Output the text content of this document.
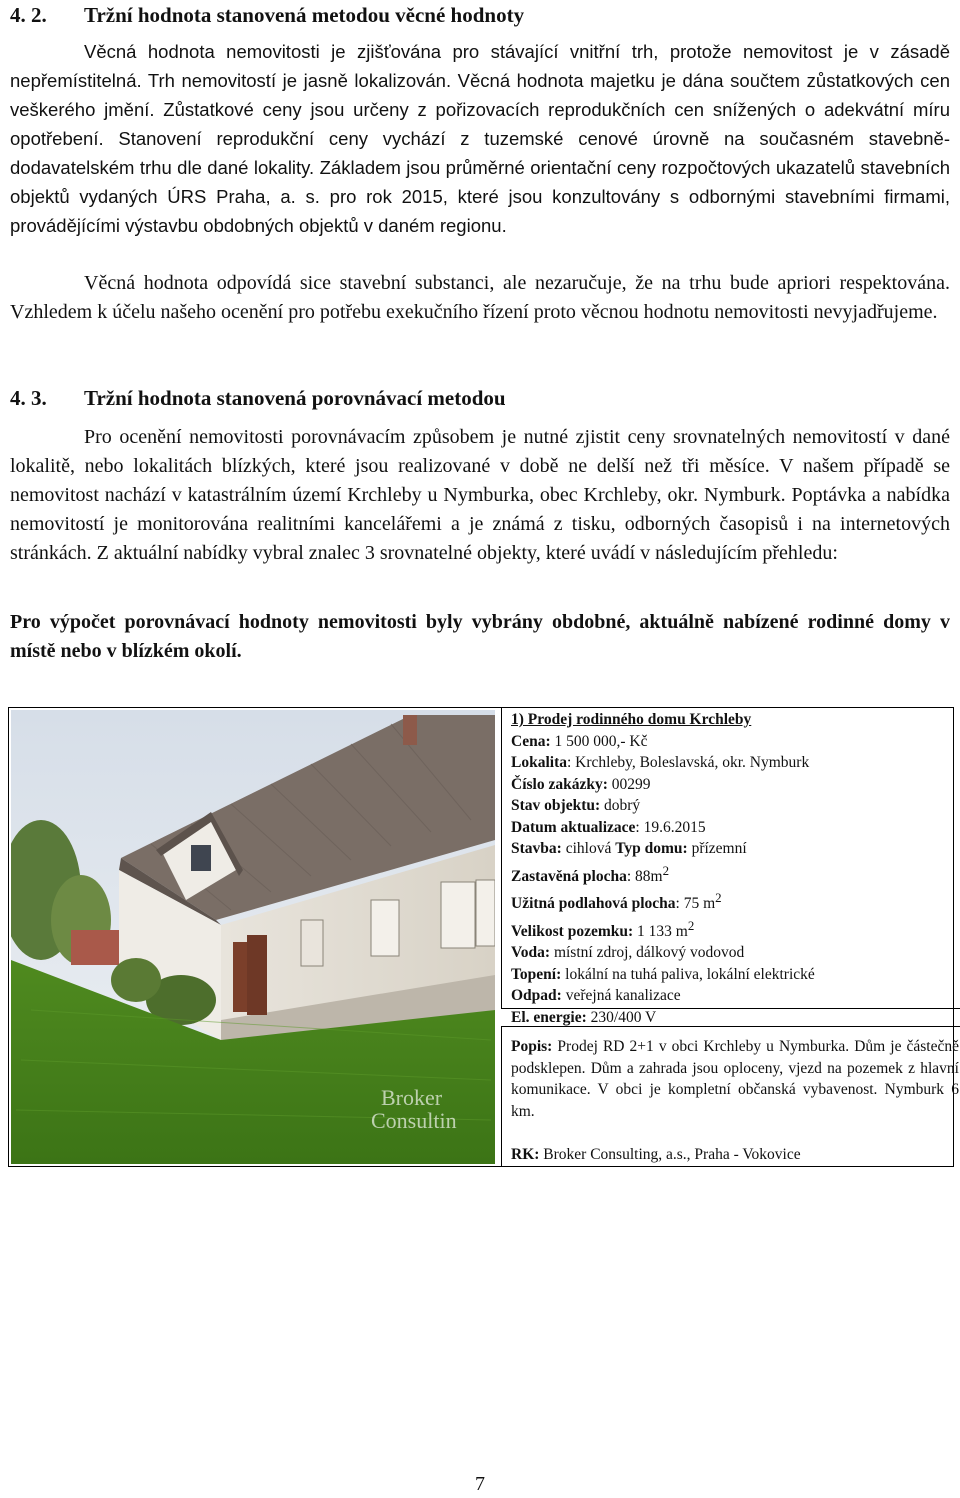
4. 2. Tržní hodnota stanovená metodou věcné hodnoty

Věcná hodnota nemovitosti je zjišťována pro stávající vnitřní trh, protože nemovitost je v zásadě nepřemístitelná. Trh nemovitostí je jasně lokalizován. Věcná hodnota majetku je dána součtem zůstatkových cen veškerého jmění. Zůstatkové ceny jsou určeny z pořizovacích reprodukčních cen snížených o adekvátní míru opotřebení. Stanovení reprodukční ceny vychází z tuzemské cenové úrovně na současném stavebně-dodavatelském trhu dle dané lokality. Základem jsou průměrné orientační ceny rozpočtových ukazatelů stavebních objektů vydaných ÚRS Praha, a. s. pro rok 2015, které jsou konzultovány s odbornými stavebními firmami, provádějícími výstavbu obdobných objektů v daném regionu.

Věcná hodnota odpovídá sice stavební substanci, ale nezaručuje, že na trhu bude apriori respektována. Vzhledem k účelu našeho ocenění pro potřebu exekučního řízení proto věcnou hodnotu nemovitosti nevyjadřujeme.

4. 3. Tržní hodnota stanovená porovnávací metodou

Pro ocenění nemovitosti porovnávacím způsobem je nutné zjistit ceny srovnatelných nemovitostí v dané lokalitě, nebo lokalitách blízkých, které jsou realizované v době ne delší než tři měsíce. V našem případě se nemovitost nachází v katastrálním území Krchleby u Nymburka, obec Krchleby, okr. Nymburk. Poptávka a nabídka nemovitostí je monitorována realitními kancelářemi a je známá z tisku, odborných časopisů i na internetových stránkách. Z aktuální nabídky vybral znalec 3 srovnatelné objekty, které uvádí v následujícím přehledu:

Pro výpočet porovnávací hodnoty nemovitosti byly vybrány obdobné, aktuálně nabízené rodinné domy v místě nebo v blízkém okolí.

Broker
Consultin
1) Prodej rodinného domu Krchleby
Cena: 1 500 000,- Kč
Lokalita: Krchleby, Boleslavská, okr. Nymburk
Číslo zakázky: 00299
Stav objektu: dobrý
Datum aktualizace: 19.6.2015
Stavba: cihlová Typ domu: přízemní
Zastavěná plocha: $88m^2$
Užitná podlahová plocha: 75 $m^2$
Velikost pozemku: 1 133 $m^2$
Voda: místní zdroj, dálkový vodovod
Topení: lokální na tuhá paliva, lokální elektrické
Odpad: veřejná kanalizace
El. energie: 230/400 V

Popis: Prodej RD 2+1 v obci Krchleby u Nymburka. Dům je částečně podsklepen. Dům a zahrada jsou oploceny, vjezd na pozemek z hlavní komunikace. V obci je kompletní občanská vybavenost. Nymburk 6 km.

RK: Broker Consulting, a.s., Praha - Vokovice
7
